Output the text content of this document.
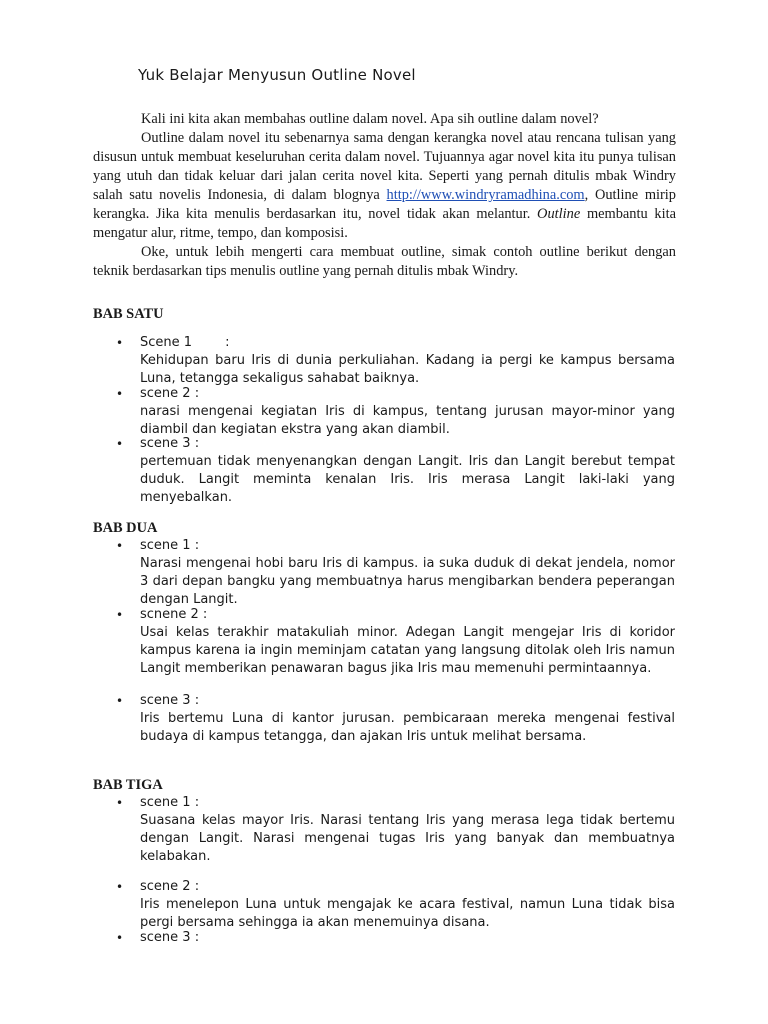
Yuk Belajar Menyusun Outline Novel

Kali ini kita akan membahas outline dalam novel. Apa sih outline dalam novel?

Outline dalam novel itu sebenarnya sama dengan kerangka novel atau rencana tulisan yang disusun untuk membuat keseluruhan cerita dalam novel. Tujuannya agar novel kita itu punya tulisan yang utuh dan tidak keluar dari jalan cerita novel kita. Seperti yang pernah ditulis mbak Windry salah satu novelis Indonesia, di dalam blognya http://www.windryramadhina.com, Outline mirip kerangka. Jika kita menulis berdasarkan itu, novel tidak akan melantur. Outline membantu kita mengatur alur, ritme, tempo, dan komposisi.

Oke, untuk lebih mengerti cara membuat outline, simak contoh outline berikut dengan teknik berdasarkan tips menulis outline yang pernah ditulis mbak Windry.

BAB SATU
• Scene 1        :
Kehidupan baru Iris di dunia perkuliahan. Kadang ia pergi ke kampus bersama Luna, tetangga sekaligus sahabat baiknya.
• scene 2 :
narasi mengenai kegiatan Iris di kampus, tentang jurusan mayor-minor yang diambil dan kegiatan ekstra yang akan diambil.
• scene 3 :
pertemuan tidak menyenangkan dengan Langit. Iris dan Langit berebut tempat duduk. Langit meminta kenalan Iris. Iris merasa Langit laki-laki yang menyebalkan.
BAB DUA
• scene 1 :
Narasi mengenai hobi baru Iris di kampus. ia suka duduk di dekat jendela, nomor 3 dari depan bangku yang membuatnya harus mengibarkan bendera peperangan dengan Langit.
• scnene 2 :
Usai kelas terakhir matakuliah minor. Adegan Langit mengejar Iris di koridor kampus karena ia ingin meminjam catatan yang langsung ditolak oleh Iris namun Langit memberikan penawaran bagus jika Iris mau memenuhi permintaannya.
• scene 3 :
Iris bertemu Luna di kantor jurusan. pembicaraan mereka mengenai festival budaya di kampus tetangga, dan ajakan Iris untuk melihat bersama.
BAB TIGA
• scene 1 :
Suasana kelas mayor Iris. Narasi tentang Iris yang merasa lega tidak bertemu dengan Langit. Narasi mengenai tugas Iris yang banyak dan membuatnya kelabakan.
• scene 2 :
Iris menelepon Luna untuk mengajak ke acara festival, namun Luna tidak bisa pergi bersama sehingga ia akan menemuinya disana.
• scene 3 :
